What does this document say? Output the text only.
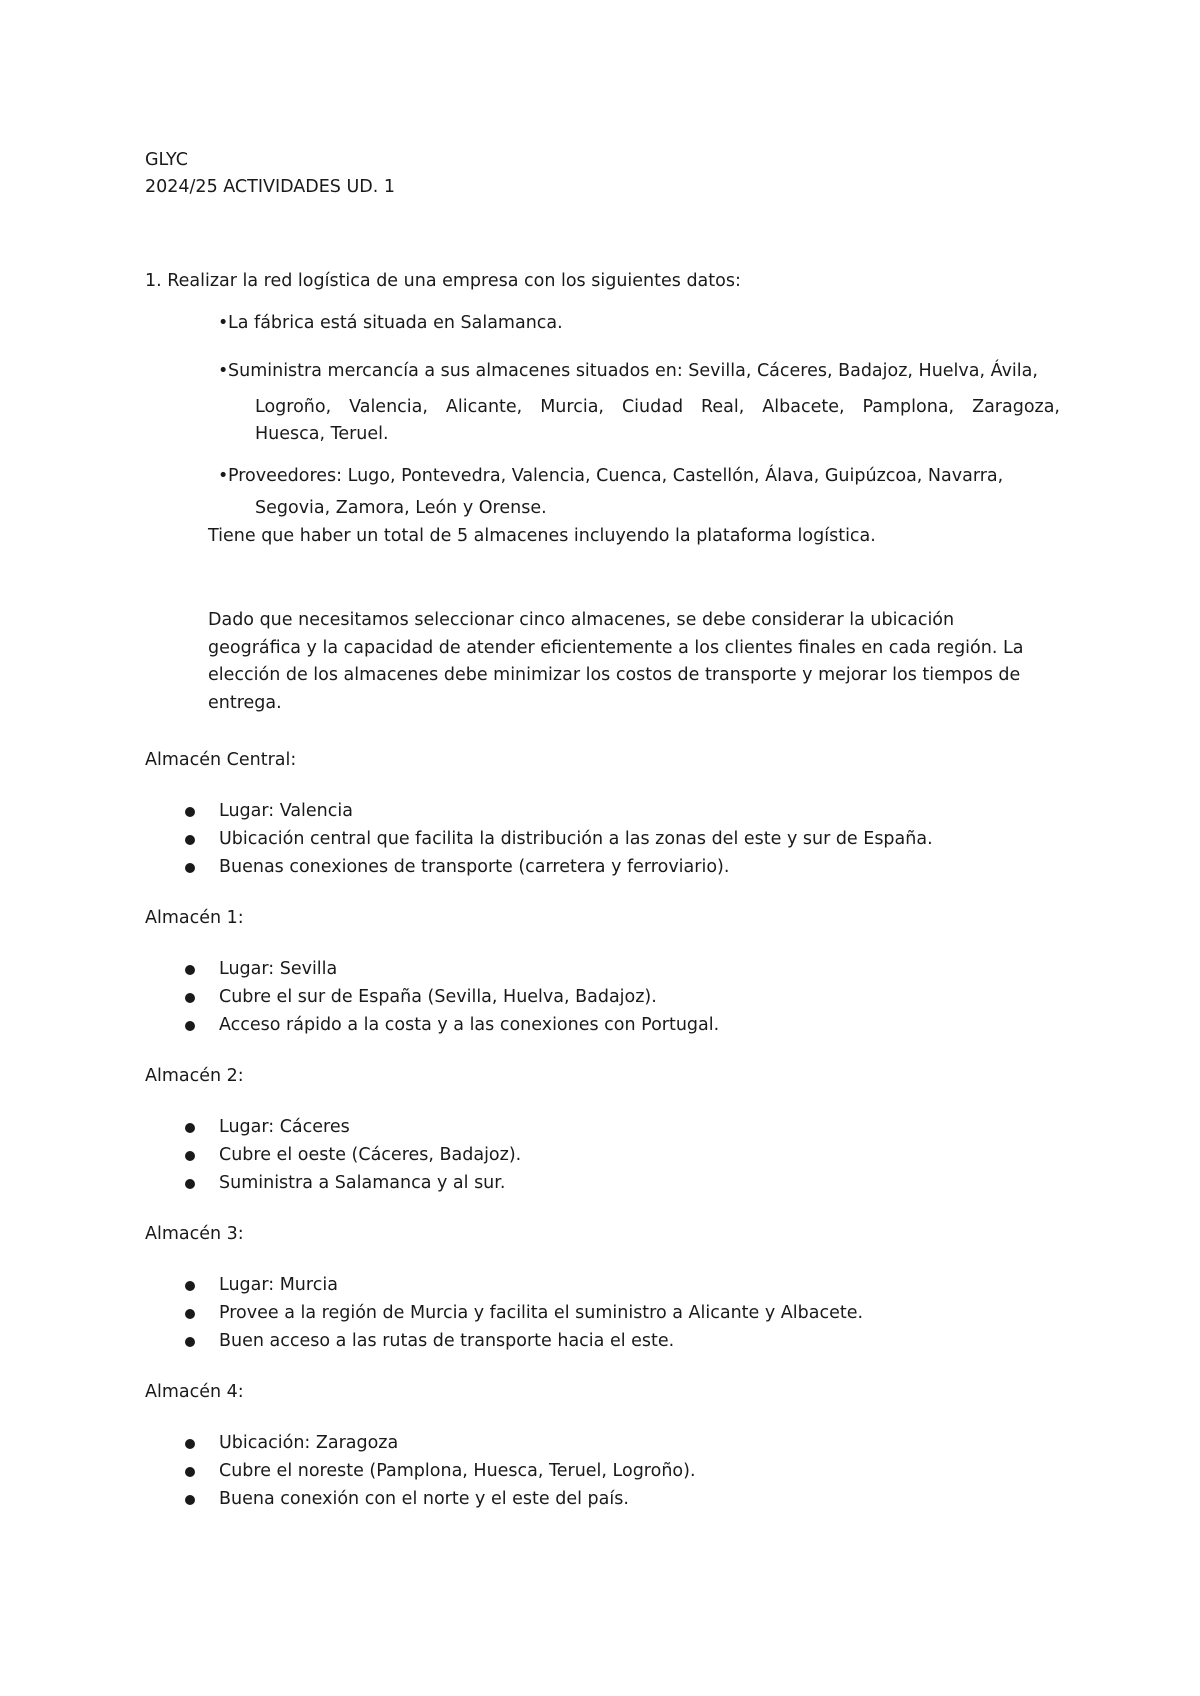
GLYC
2024/25 ACTIVIDADES UD. 1
1. Realizar la red logística de una empresa con los siguientes datos:
•La fábrica está situada en Salamanca.
•Suministra mercancía a sus almacenes situados en: Sevilla, Cáceres, Badajoz, Huelva, Ávila,
Logroño, Valencia, Alicante, Murcia, Ciudad Real, Albacete, Pamplona, Zaragoza,
Huesca, Teruel.
•Proveedores: Lugo, Pontevedra, Valencia, Cuenca, Castellón, Álava, Guipúzcoa, Navarra,
Segovia, Zamora, León y Orense.
Tiene que haber un total de 5 almacenes incluyendo la plataforma logística.
Dado que necesitamos seleccionar cinco almacenes, se debe considerar la ubicación
geográfica y la capacidad de atender eficientemente a los clientes finales en cada región. La
elección de los almacenes debe minimizar los costos de transporte y mejorar los tiempos de
entrega.
Almacén Central:
Lugar: Valencia
Ubicación central que facilita la distribución a las zonas del este y sur de España.
Buenas conexiones de transporte (carretera y ferroviario).
Almacén 1:
Lugar: Sevilla
Cubre el sur de España (Sevilla, Huelva, Badajoz).
Acceso rápido a la costa y a las conexiones con Portugal.
Almacén 2:
Lugar: Cáceres
Cubre el oeste (Cáceres, Badajoz).
Suministra a Salamanca y al sur.
Almacén 3:
Lugar: Murcia
Provee a la región de Murcia y facilita el suministro a Alicante y Albacete.
Buen acceso a las rutas de transporte hacia el este.
Almacén 4:
Ubicación: Zaragoza
Cubre el noreste (Pamplona, Huesca, Teruel, Logroño).
Buena conexión con el norte y el este del país.
